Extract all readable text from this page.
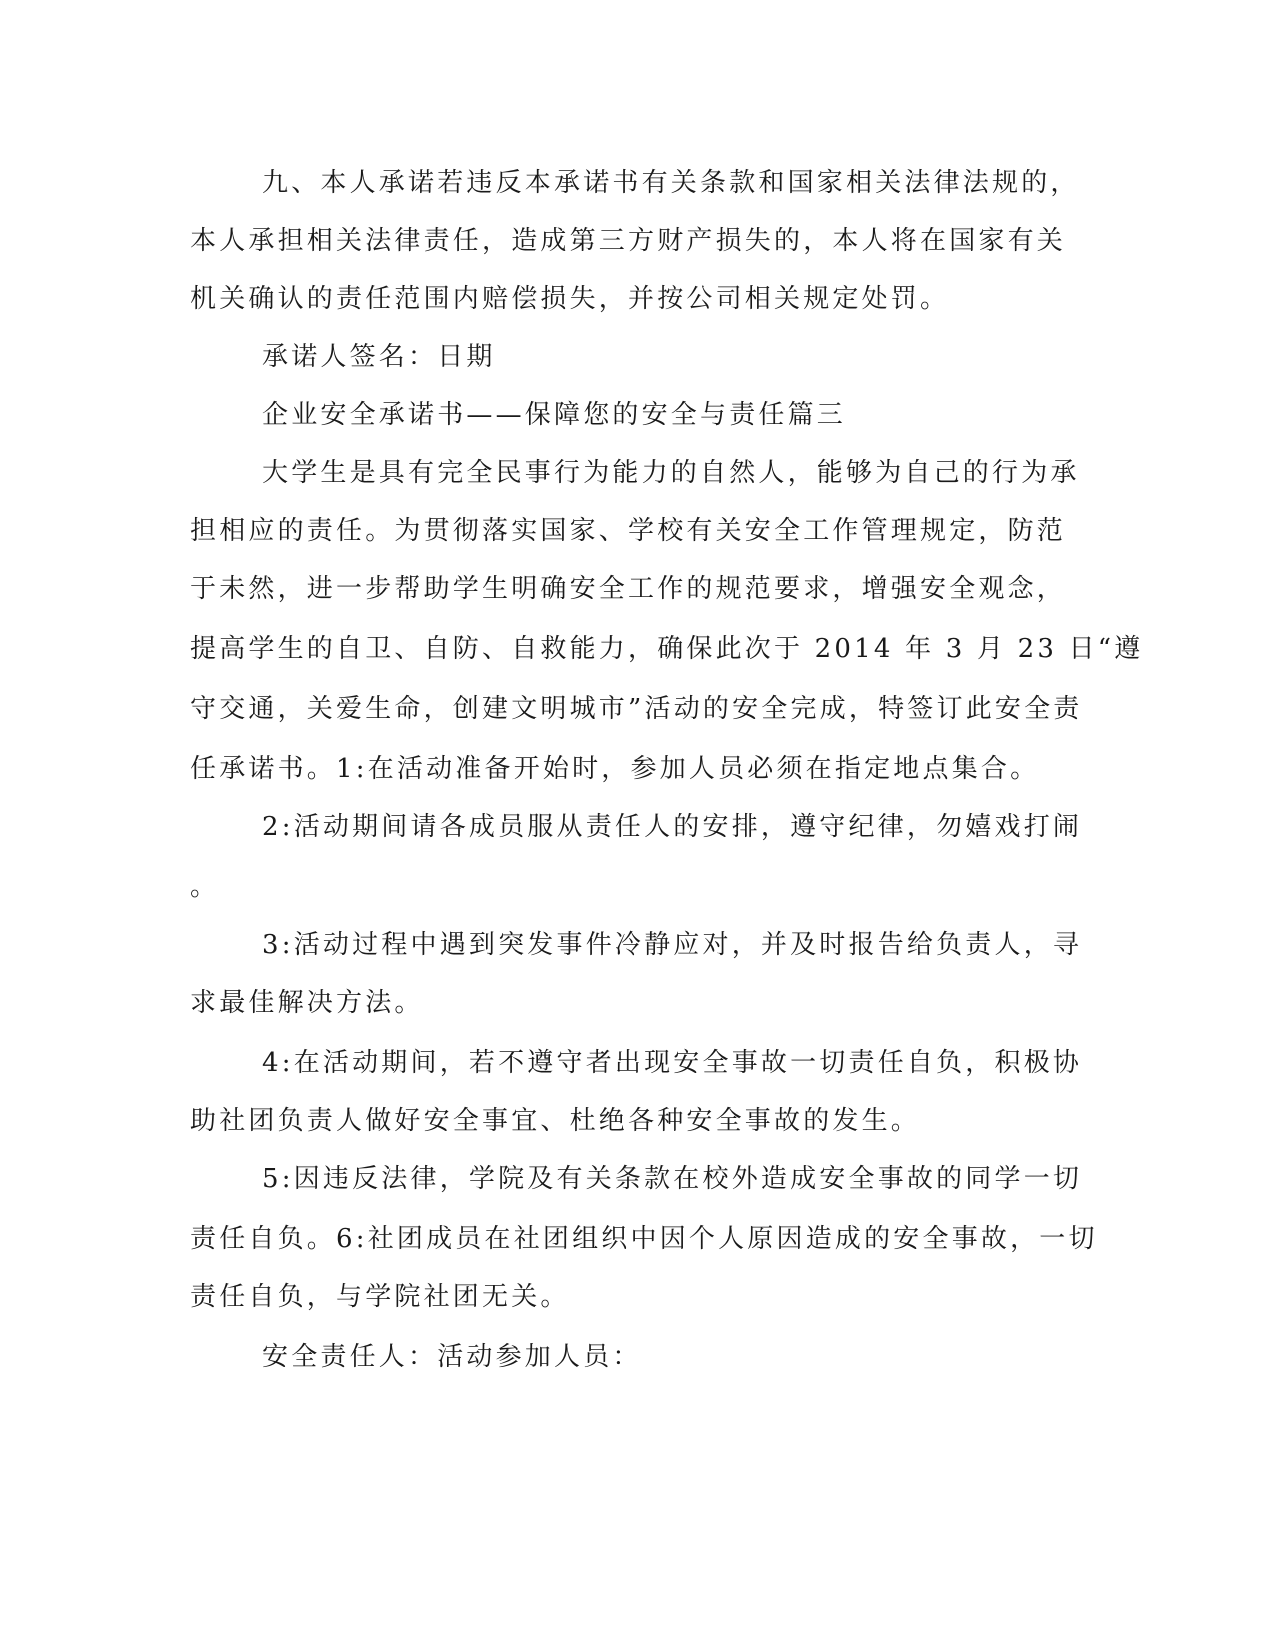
九、本人承诺若违反本承诺书有关条款和国家相关法律法规的，
本人承担相关法律责任，造成第三方财产损失的，本人将在国家有关
机关确认的责任范围内赔偿损失，并按公司相关规定处罚。
承诺人签名：日期
企业安全承诺书——保障您的安全与责任篇三
大学生是具有完全民事行为能力的自然人，能够为自己的行为承
担相应的责任。为贯彻落实国家、学校有关安全工作管理规定，防范
于未然，进一步帮助学生明确安全工作的规范要求，增强安全观念，
提高学生的自卫、自防、自救能力，确保此次于 2014 年 3 月 23 日“遵
守交通，关爱生命，创建文明城市”活动的安全完成，特签订此安全责
任承诺书。1:在活动准备开始时，参加人员必须在指定地点集合。
2:活动期间请各成员服从责任人的安排，遵守纪律，勿嬉戏打闹
。
3:活动过程中遇到突发事件冷静应对，并及时报告给负责人，寻
求最佳解决方法。
4:在活动期间，若不遵守者出现安全事故一切责任自负，积极协
助社团负责人做好安全事宜、杜绝各种安全事故的发生。
5:因违反法律，学院及有关条款在校外造成安全事故的同学一切
责任自负。6:社团成员在社团组织中因个人原因造成的安全事故，一切
责任自负，与学院社团无关。
安全责任人：活动参加人员：
